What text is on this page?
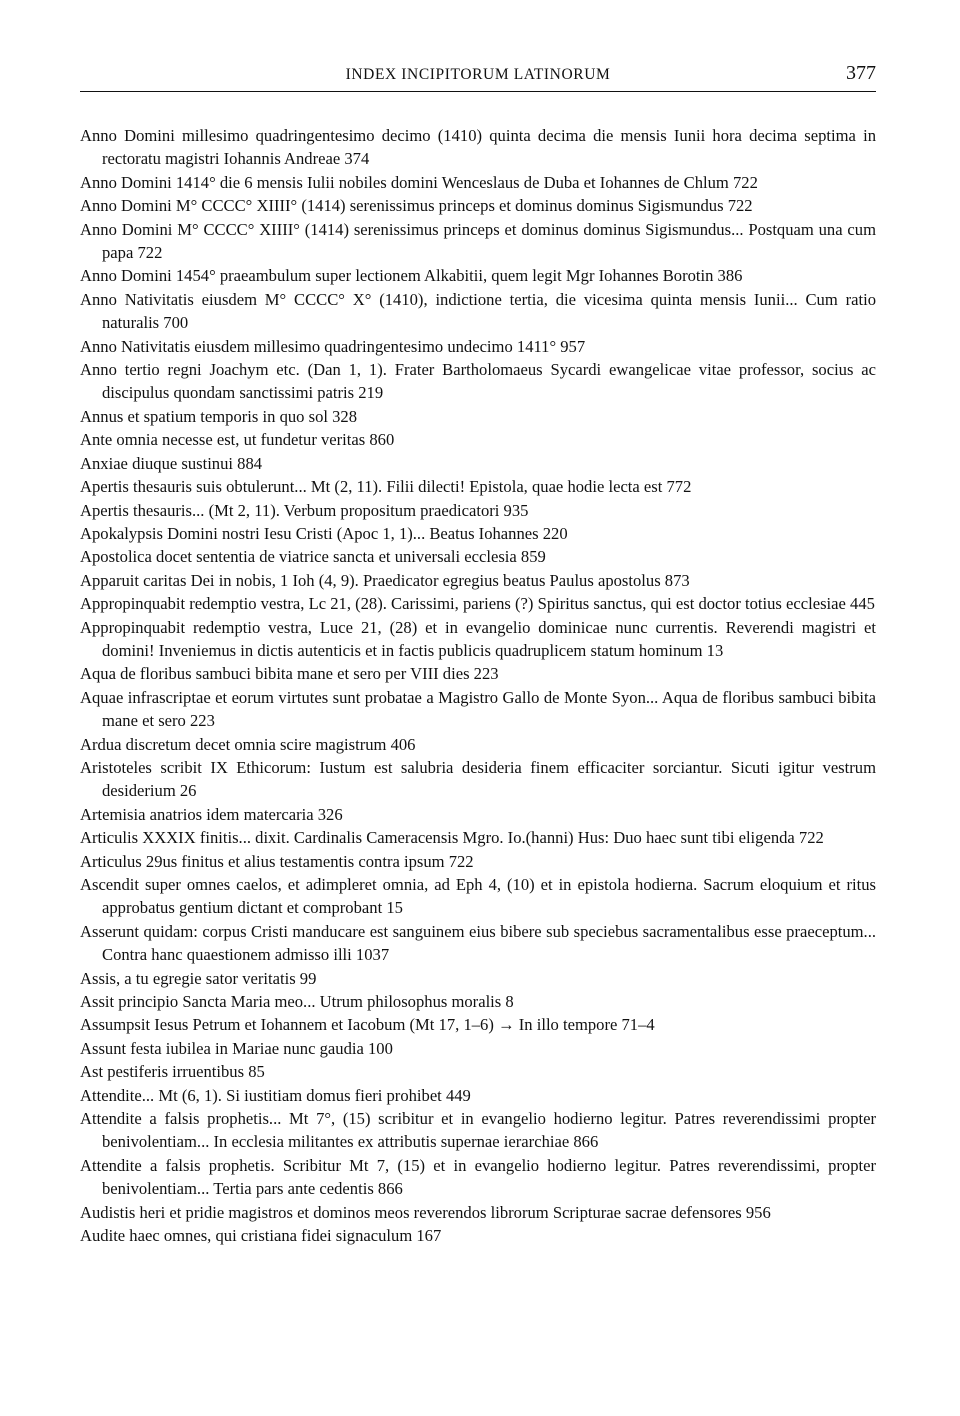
INDEX INCIPITORUM LATINORUM	377
Anno Domini millesimo quadringentesimo decimo (1410) quinta decima die mensis Iunii hora decima septima in rectoratu magistri Iohannis Andreae 374
Anno Domini 1414° die 6 mensis Iulii nobiles domini Wenceslaus de Duba et Iohannes de Chlum 722
Anno Domini M° CCCC° XIIII° (1414) serenissimus princeps et dominus dominus Sigismundus 722
Anno Domini M° CCCC° XIIII° (1414) serenissimus princeps et dominus dominus Sigismundus... Postquam una cum papa 722
Anno Domini 1454° praeambulum super lectionem Alkabitii, quem legit Mgr Iohannes Borotin 386
Anno Nativitatis eiusdem M° CCCC° X° (1410), indictione tertia, die vicesima quinta mensis Iunii... Cum ratio naturalis 700
Anno Nativitatis eiusdem millesimo quadringentesimo undecimo 1411° 957
Anno tertio regni Joachym etc. (Dan 1, 1). Frater Bartholomaeus Sycardi ewangelicae vitae professor, socius ac discipulus quondam sanctissimi patris 219
Annus et spatium temporis in quo sol 328
Ante omnia necesse est, ut fundetur veritas 860
Anxiae diuque sustinui 884
Apertis thesauris suis obtulerunt... Mt (2, 11). Filii dilecti! Epistola, quae hodie lecta est 772
Apertis thesauris... (Mt 2, 11). Verbum propositum praedicatori 935
Apokalypsis Domini nostri Iesu Cristi (Apoc 1, 1)... Beatus Iohannes 220
Apostolica docet sententia de viatrice sancta et universali ecclesia 859
Apparuit caritas Dei in nobis, 1 Ioh (4, 9). Praedicator egregius beatus Paulus apostolus 873
Appropinquabit redemptio vestra, Lc 21, (28). Carissimi, pariens (?) Spiritus sanctus, qui est doctor totius ecclesiae 445
Appropinquabit redemptio vestra, Luce 21, (28) et in evangelio dominicae nunc currentis. Reverendi magistri et domini! Inveniemus in dictis autenticis et in factis publicis quadruplicem statum hominum 13
Aqua de floribus sambuci bibita mane et sero per VIII dies 223
Aquae infrascriptae et eorum virtutes sunt probatae a Magistro Gallo de Monte Syon... Aqua de floribus sambuci bibita mane et sero 223
Ardua discretum decet omnia scire magistrum 406
Aristoteles scribit IX Ethicorum: Iustum est salubria desideria finem efficaciter sorciantur. Sicuti igitur vestrum desiderium 26
Artemisia anatrios idem matercaria 326
Articulis XXXIX finitis... dixit. Cardinalis Cameracensis Mgro. Io.(hanni) Hus: Duo haec sunt tibi eligenda 722
Articulus 29us finitus et alius testamentis contra ipsum 722
Ascendit super omnes caelos, et adimpleret omnia, ad Eph 4, (10) et in epistola hodierna. Sacrum eloquium et ritus approbatus gentium dictant et comprobant 15
Asserunt quidam: corpus Cristi manducare est sanguinem eius bibere sub speciebus sacramentalibus esse praeceptum... Contra hanc quaestionem admisso illi 1037
Assis, a tu egregie sator veritatis 99
Assit principio Sancta Maria meo... Utrum philosophus moralis 8
Assumpsit Iesus Petrum et Iohannem et Iacobum (Mt 17, 1–6) → In illo tempore 71–4
Assunt festa iubilea in Mariae nunc gaudia 100
Ast pestiferis irruentibus 85
Attendite... Mt (6, 1). Si iustitiam domus fieri prohibet 449
Attendite a falsis prophetis... Mt 7°, (15) scribitur et in evangelio hodierno legitur. Patres reverendissimi propter benivolentiam... In ecclesia militantes ex attributis supernae ierarchiae 866
Attendite a falsis prophetis. Scribitur Mt 7, (15) et in evangelio hodierno legitur. Patres reverendissimi, propter benivolentiam... Tertia pars ante cedentis 866
Audistis heri et pridie magistros et dominos meos reverendos librorum Scripturae sacrae defensores 956
Audite haec omnes, qui cristiana fidei signaculum 167
